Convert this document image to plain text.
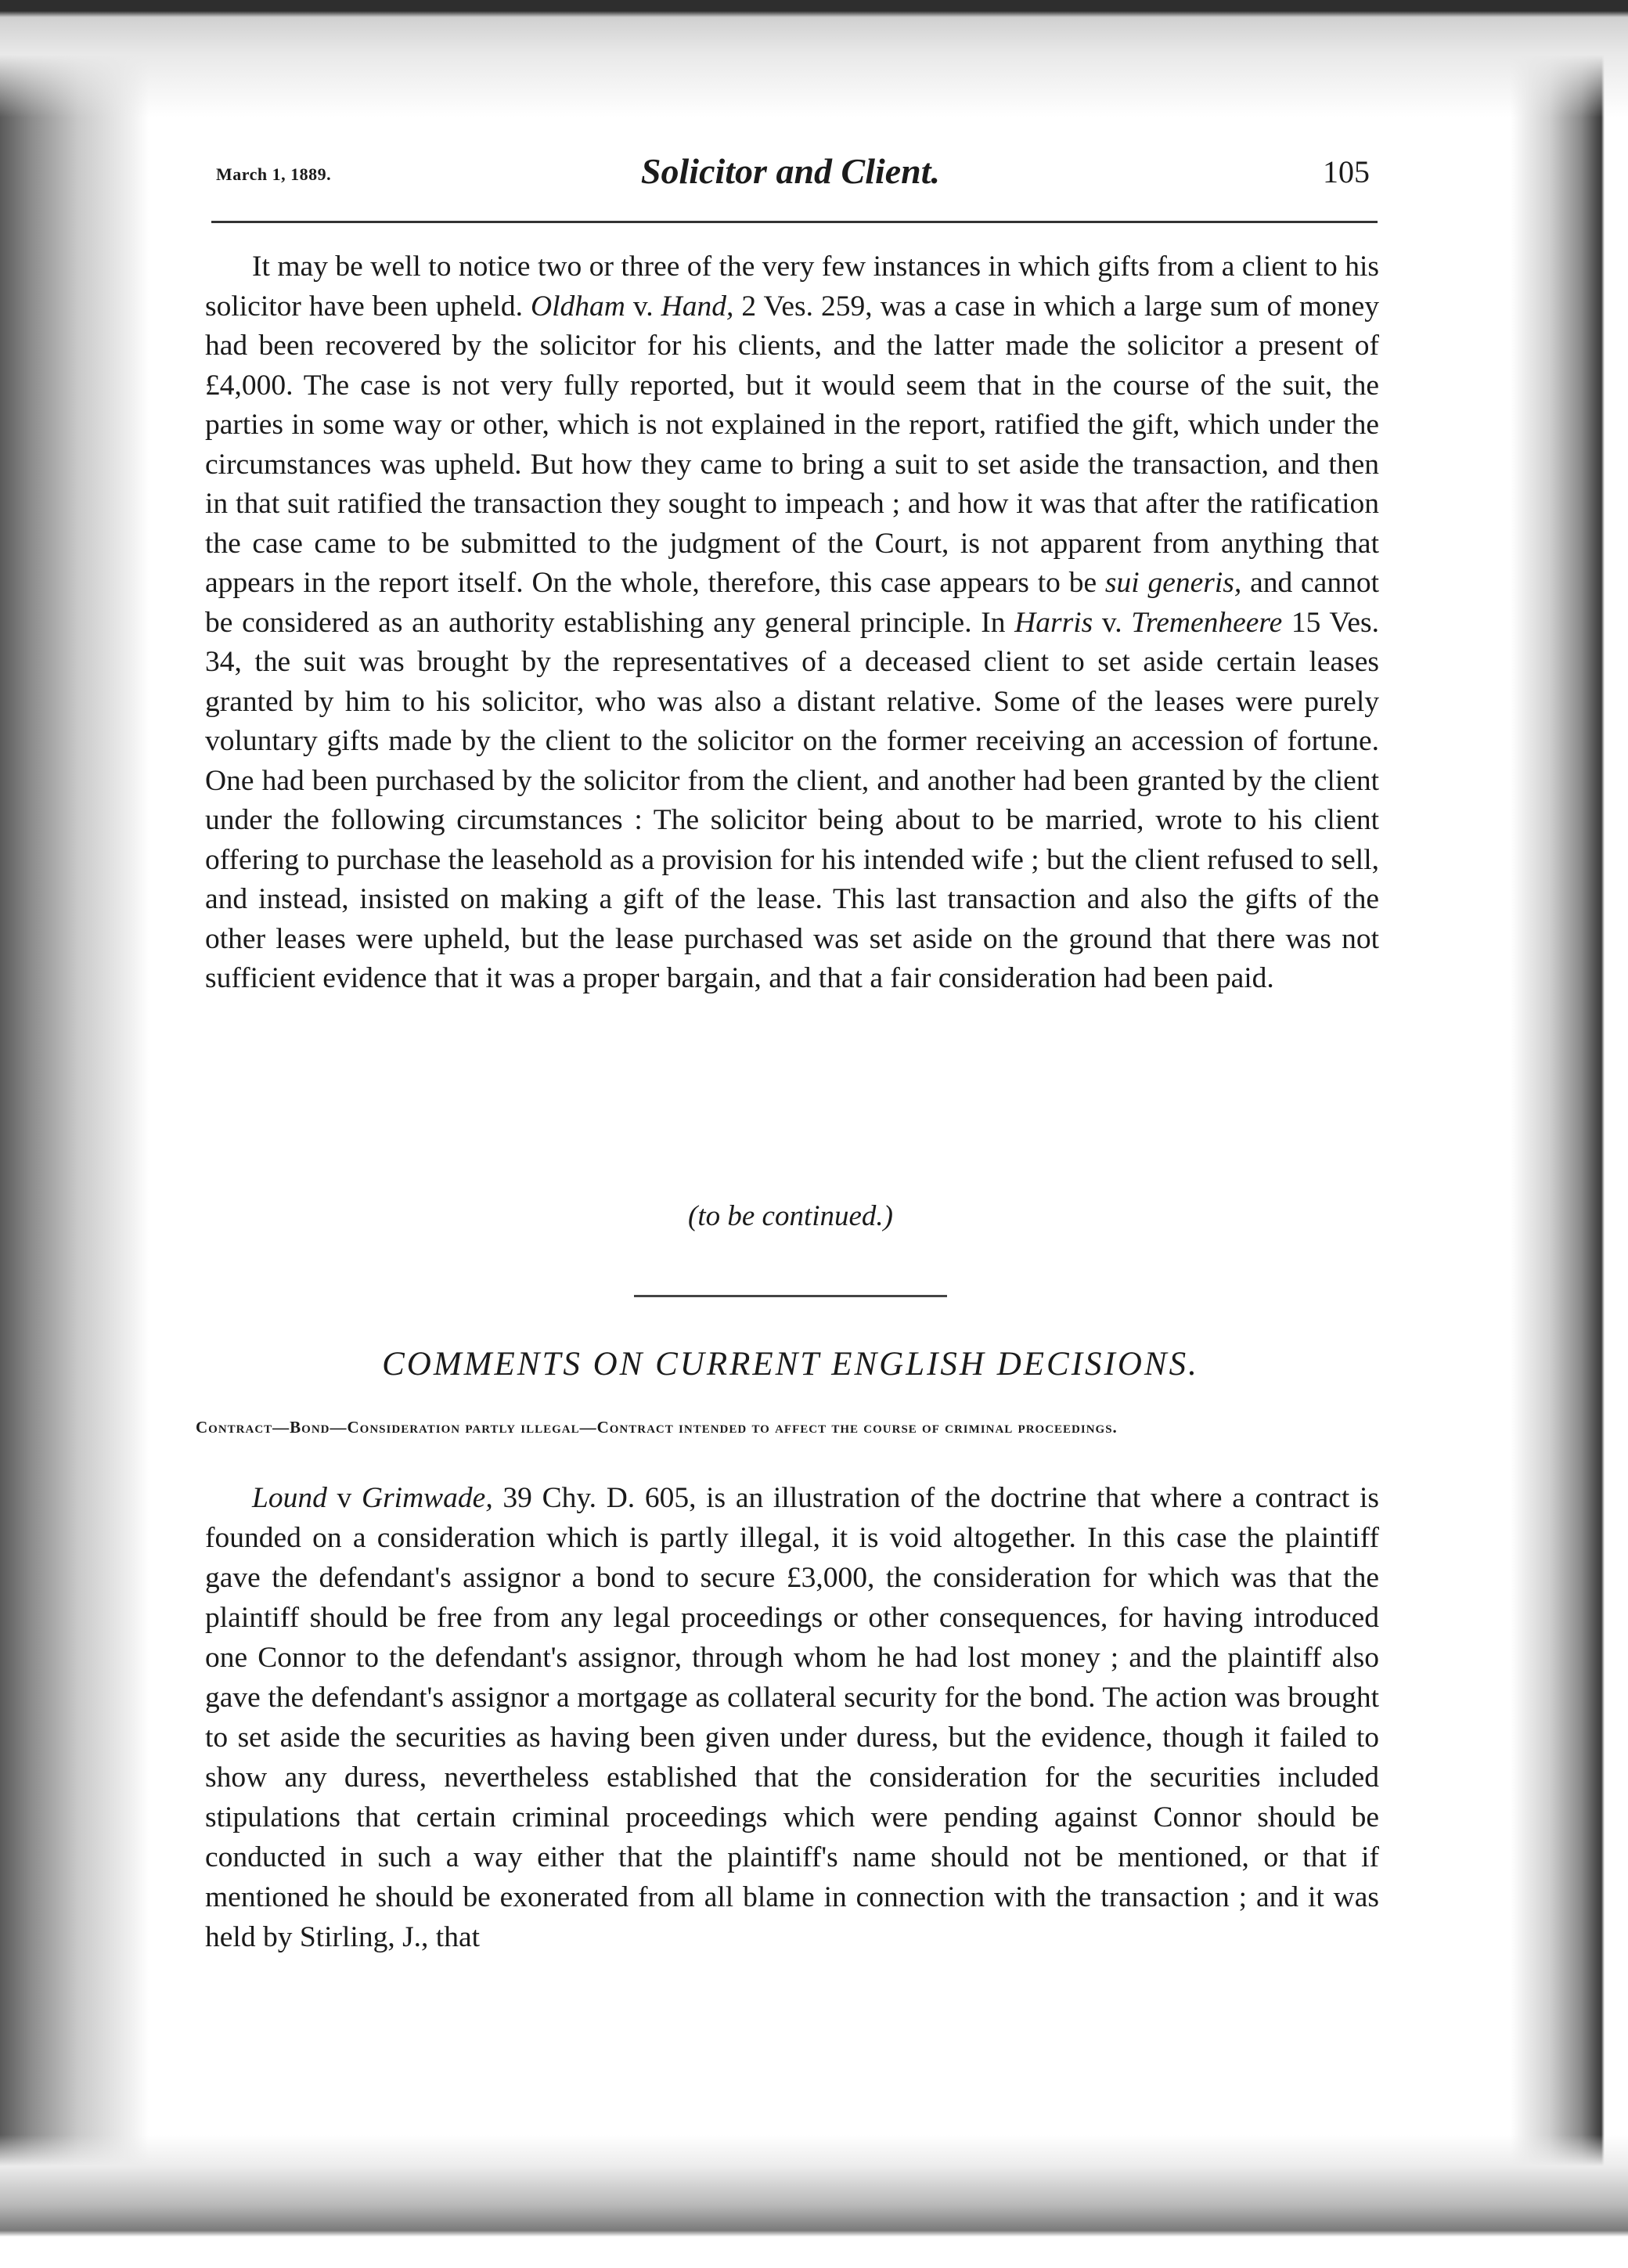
March 1, 1889.	Solicitor and Client.	105

It may be well to notice two or three of the very few instances in which gifts from a client to his solicitor have been upheld. Oldham v. Hand, 2 Ves. 259, was a case in which a large sum of money had been recovered by the solicitor for his clients, and the latter made the solicitor a present of £4,000. The case is not very fully reported, but it would seem that in the course of the suit, the parties in some way or other, which is not explained in the report, ratified the gift, which under the circumstances was upheld. But how they came to bring a suit to set aside the transaction, and then in that suit ratified the transaction they sought to impeach ; and how it was that after the ratification the case came to be submitted to the judgment of the Court, is not apparent from anything that appears in the report itself. On the whole, therefore, this case appears to be sui generis, and cannot be considered as an authority establishing any general principle. In Harris v. Tremenheere 15 Ves. 34, the suit was brought by the representatives of a deceased client to set aside certain leases granted by him to his solicitor, who was also a distant relative. Some of the leases were purely voluntary gifts made by the client to the solicitor on the former receiving an accession of fortune. One had been purchased by the solicitor from the client, and another had been granted by the client under the following circumstances : The solicitor being about to be married, wrote to his client offering to purchase the leasehold as a provision for his intended wife ; but the client refused to sell, and instead, insisted on making a gift of the lease. This last transaction and also the gifts of the other leases were upheld, but the lease purchased was set aside on the ground that there was not sufficient evidence that it was a proper bargain, and that a fair consideration had been paid.

(to be continued.)
COMMENTS ON CURRENT ENGLISH DECISIONS.
Contract—Bond—Consideration partly illegal—Contract intended to affect the course of criminal proceedings.

Lound v Grimwade, 39 Chy. D. 605, is an illustration of the doctrine that where a contract is founded on a consideration which is partly illegal, it is void altogether. In this case the plaintiff gave the defendant's assignor a bond to secure £3,000, the consideration for which was that the plaintiff should be free from any legal proceedings or other consequences, for having introduced one Connor to the defendant's assignor, through whom he had lost money ; and the plaintiff also gave the defendant's assignor a mortgage as collateral security for the bond. The action was brought to set aside the securities as having been given under duress, but the evidence, though it failed to show any duress, nevertheless established that the consideration for the securities included stipulations that certain criminal proceedings which were pending against Connor should be conducted in such a way either that the plaintiff's name should not be mentioned, or that if mentioned he should be exonerated from all blame in connection with the transaction ; and it was held by Stirling, J., that
